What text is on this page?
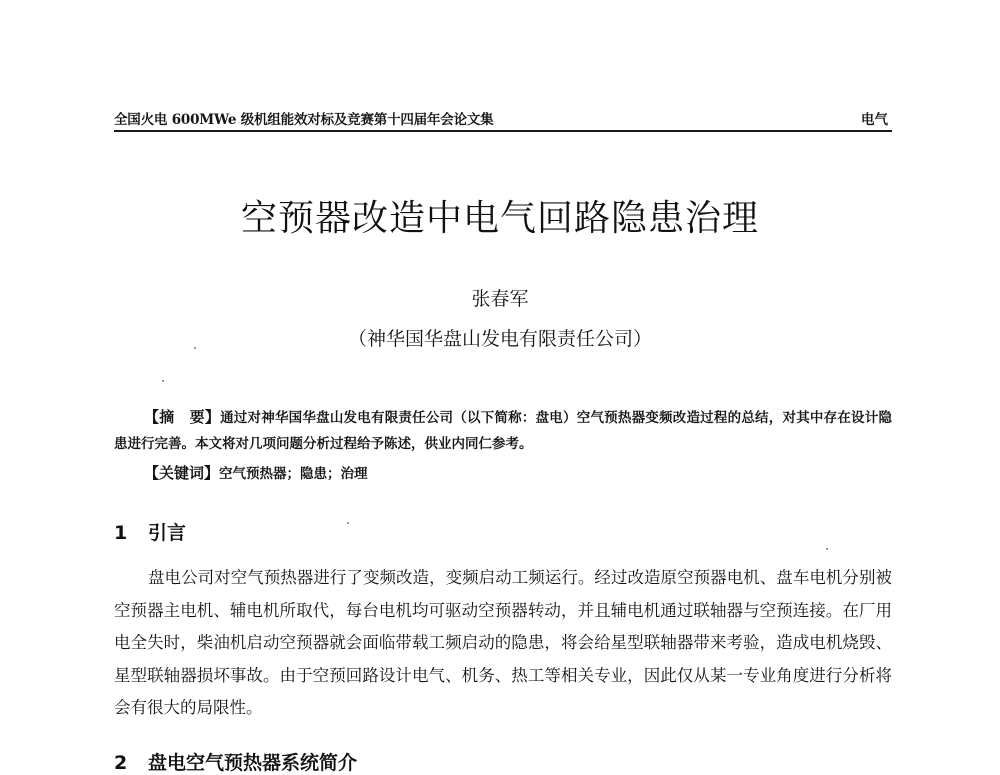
全国火电 600MWe 级机组能效对标及竞赛第十四届年会论文集	电气
空预器改造中电气回路隐患治理
张春军
（神华国华盘山发电有限责任公司）
【摘　要】通过对神华国华盘山发电有限责任公司（以下简称：盘电）空气预热器变频改造过程的总结，对其中存在设计隐患进行完善。本文将对几项问题分析过程给予陈述，供业内同仁参考。
【关键词】空气预热器；隐患；治理
1 引言
盘电公司对空气预热器进行了变频改造，变频启动工频运行。经过改造原空预器电机、盘车电机分别被空预器主电机、辅电机所取代，每台电机均可驱动空预器转动，并且辅电机通过联轴器与空预连接。在厂用电全失时，柴油机启动空预器就会面临带载工频启动的隐患，将会给星型联轴器带来考验，造成电机烧毁、星型联轴器损坏事故。由于空预回路设计电气、机务、热工等相关专业，因此仅从某一专业角度进行分析将会有很大的局限性。
2 盘电空气预热器系统简介
